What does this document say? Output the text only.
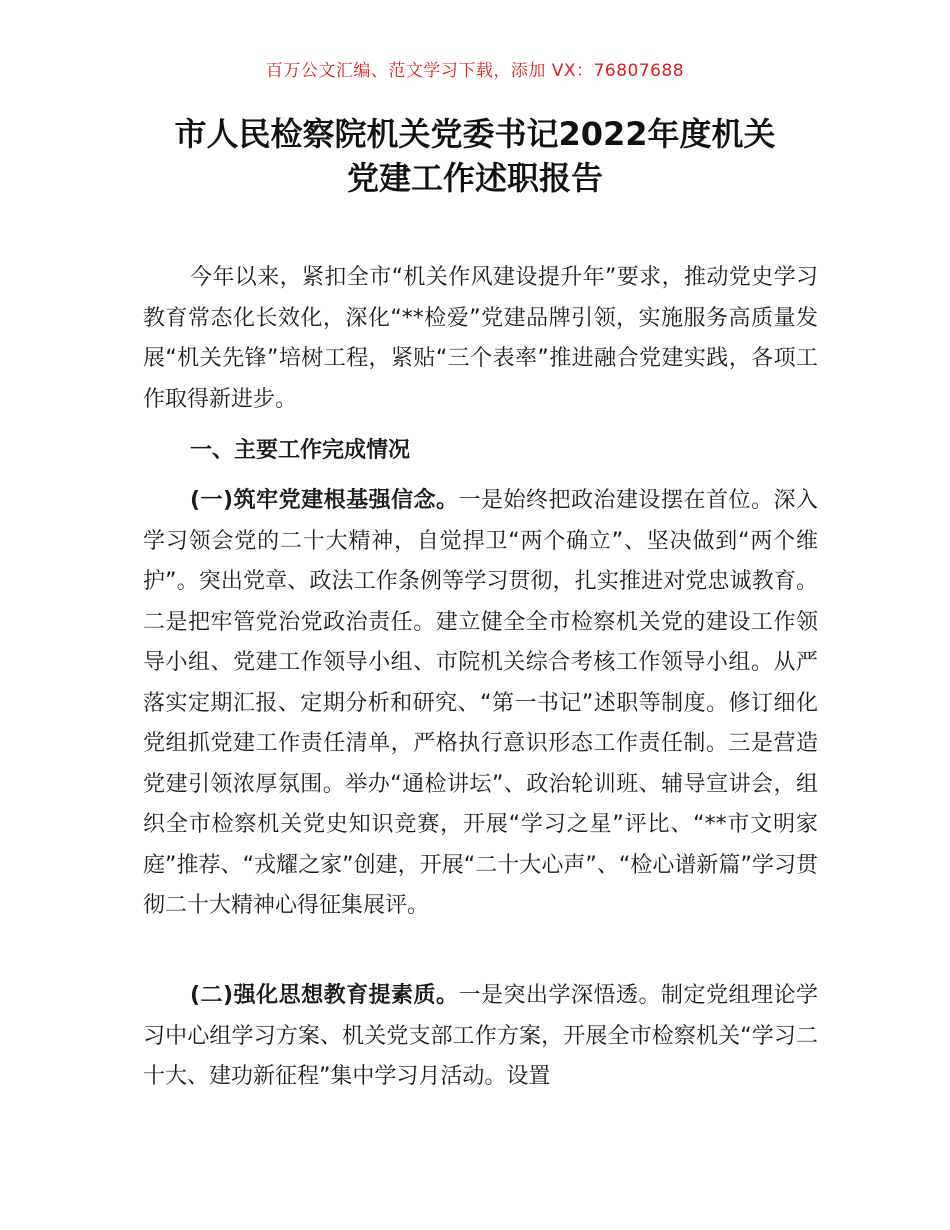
百万公文汇编、范文学习下载，添加 VX：76807688
市人民检察院机关党委书记2022年度机关
党建工作述职报告

今年以来，紧扣全市“机关作风建设提升年”要求，推动党史学习教育常态化长效化，深化“**检爱”党建品牌引领，实施服务高质量发展“机关先锋”培树工程，紧贴“三个表率”推进融合党建实践，各项工作取得新进步。

一、主要工作完成情况

(一)筑牢党建根基强信念。一是始终把政治建设摆在首位。深入学习领会党的二十大精神，自觉捍卫“两个确立”、坚决做到“两个维护”。突出党章、政法工作条例等学习贯彻，扎实推进对党忠诚教育。二是把牢管党治党政治责任。建立健全全市检察机关党的建设工作领导小组、党建工作领导小组、市院机关综合考核工作领导小组。从严落实定期汇报、定期分析和研究、“第一书记”述职等制度。修订细化党组抓党建工作责任清单，严格执行意识形态工作责任制。三是营造党建引领浓厚氛围。举办“通检讲坛”、政治轮训班、辅导宣讲会，组织全市检察机关党史知识竞赛，开展“学习之星”评比、“**市文明家庭”推荐、“戎耀之家”创建，开展“二十大心声”、“检心谱新篇”学习贯彻二十大精神心得征集展评。

(二)强化思想教育提素质。一是突出学深悟透。制定党组理论学习中心组学习方案、机关党支部工作方案，开展全市检察机关“学习二十大、建功新征程”集中学习月活动。设置
